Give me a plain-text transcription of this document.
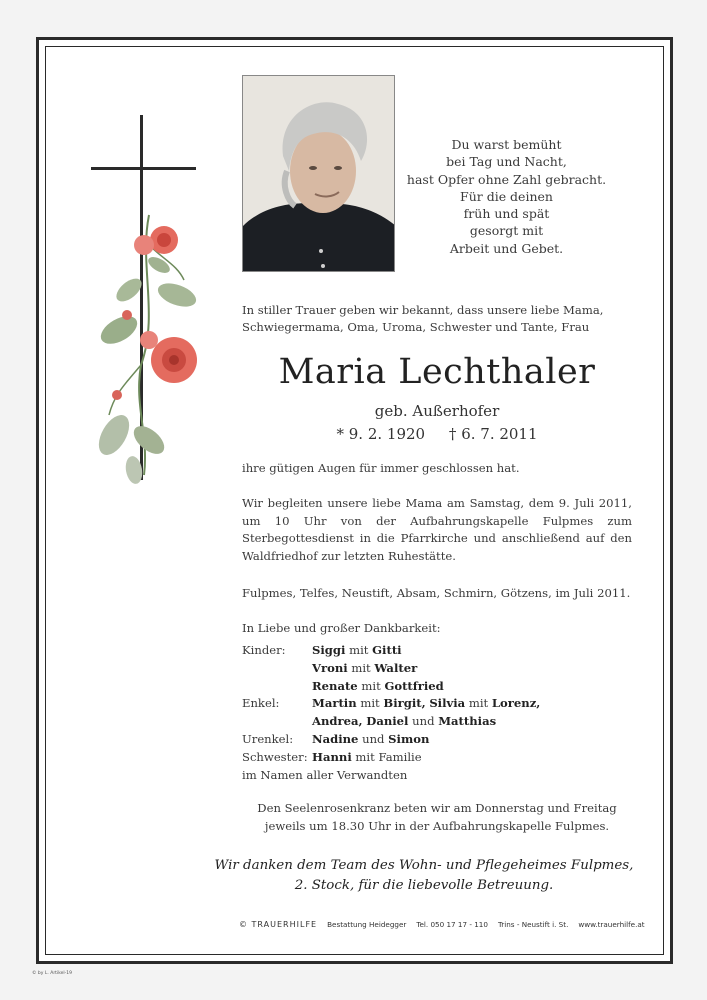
Du warst bemüht
bei Tag und Nacht,
hast Opfer ohne Zahl gebracht.
Für die deinen
früh und spät
gesorgt mit
Arbeit und Gebet.
In stiller Trauer geben wir bekannt, dass unsere liebe Mama, Schwiegermama, Oma, Uroma, Schwester und Tante, Frau
Maria Lechthaler
geb. Außerhofer
* 9. 2. 1920 † 6. 7. 2011
ihre gütigen Augen für immer geschlossen hat.
Wir begleiten unsere liebe Mama am Samstag, dem 9. Juli 2011, um 10 Uhr von der Aufbahrungskapelle Fulpmes zum Sterbegottesdienst in die Pfarrkirche und anschließend auf den Waldfriedhof zur letzten Ruhestätte.
Fulpmes, Telfes, Neustift, Absam, Schmirn, Götzens, im Juli 2011.
In Liebe und großer Dankbarkeit:
Kinder:	Siggi mit Gitti
Vroni mit Walter
Renate mit Gottfried
Enkel:	Martin mit Birgit, Silvia mit Lorenz,
Andrea, Daniel und Matthias
Urenkel:	Nadine und Simon
Schwester: Hanni mit Familie
im Namen aller Verwandten
Den Seelenrosenkranz beten wir am Donnerstag und Freitag
jeweils um 18.30 Uhr in der Aufbahrungskapelle Fulpmes.
Wir danken dem Team des Wohn- und Pflegeheimes Fulpmes,
2. Stock, für die liebevolle Betreuung.
© TRAUERHILFE Bestattung Heidegger Tel. 050 17 17 - 110 Trins - Neustift i. St. www.trauerhilfe.at
© by L. Artikel-19
